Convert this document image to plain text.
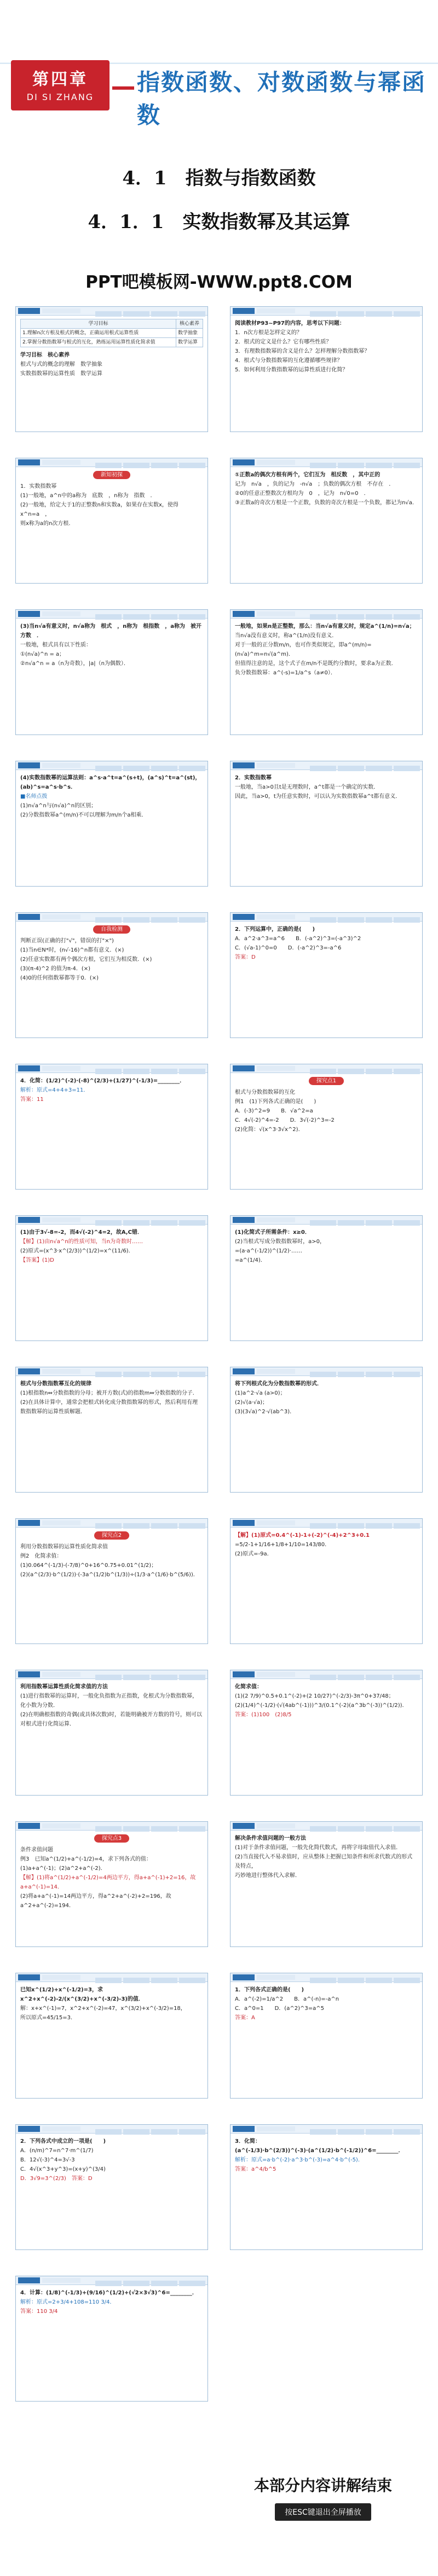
第四章
DI SI ZHANG
指数函数、对数函数与幂函数
4．1　指数与指数函数
4．1．1　实数指数幂及其运算
PPT吧模板网-WWW.ppt8.COM
学习目标	核心素养
1.理解n次方根及根式的概念，正确运用根式运算性质	数学抽象
2.掌握分数指数幂与根式的互化，熟练运用运算性质化简求值	数学运算
学习目标　核心素养
根式与式的概念的理解　数学抽象
实数指数幂的运算性质　数学运算
阅读教材P93~P97的内容，思考以下问题：
1．n次方根是怎样定义的？
2．根式的定义是什么？它有哪些性质？
3．有理数指数幂的含义是什么？怎样理解分数指数幂？
4．根式与分数指数幂的互化遵循哪些规律？
5．如何利用分数指数幂的运算性质进行化简？
新知初探
1．实数指数幂
(1)一般地，a^n中的a称为　底数　，n称为　指数　．
(2)一般地，给定大于1的正整数n和实数a，如果存在实数x，使得　x^n=a　，
则x称为a的n次方根．
①正数a的偶次方根有两个，它们互为　相反数　，其中正的
记为　n√a　，负的记为　-n√a　；负数的偶次方根　不存在　．
②0的任意正整数次方根均为　0　，记为　n√0=0　．
③正数a的奇次方根是一个正数，负数的奇次方根是一个负数，都记为n√a．
(3)当n√a有意义时，n√a称为　根式　，n称为　根指数　，a称为　被开方数　．
一般地，根式具有以下性质：
①(n√a)^n = a；
②n√a^n = a（n为奇数），|a|（n为偶数）．
一般地，如果n是正整数，那么：当n√a有意义时，规定a^(1/n)=n√a；
当n√a没有意义时，称a^(1/n)没有意义．
对于一般的正分数m/n，也可作类似规定，即a^(m/n)=(n√a)^m=n√(a^m)．
但值得注意的是，这个式子在m/n不是既约分数时，要求a为正数．
负分数指数幂：a^(-s)=1/a^s（a≠0）．
(4)实数指数幂的运算法则：a^s·a^t=a^(s+t)，(a^s)^t=a^(st)，(ab)^s=a^s·b^s．
■名师点拨
(1)n√a^n与(n√a)^n的区别；
(2)分数指数幂a^(m/n)不可以理解为m/n个a相乘．
2．实数指数幂
一般地，当a>0且t是无理数时，a^t都是一个确定的实数．
因此，当a>0，t为任意实数时，可以认为实数指数幂a^t都有意义．
自我检测
判断正误(正确的打"√"，错误的打"×")
(1)当n∈N*时，(n√-16)^n都有意义．(×)
(2)任意实数都有两个偶次方根，它们互为相反数．(×)
(3)(π-4)^2 的值为π-4．(×)
(4)0的任何指数幂都等于0．(×)
2．下列运算中，正确的是(　　)
A．a^2·a^3=a^6　　B．(-a^2)^3=(-a^3)^2
C．(√a-1)^0=0　　D．(-a^2)^3=-a^6
答案：D
4．化简：(1/2)^(-2)·(-8)^(2/3)+(1/27)^(-1/3)=________．
解析：原式=4+4+3=11．
答案：11
探究点1
根式与分数指数幂的互化
例1　(1)下列各式正确的是(　　)
A．(-3)^2=9　　B．√a^2=a
C．4√(-2)^4=-2　　D．3√(-2)^3=-2
(2)化简：√(x^3·3√x^2)．
(1)由于3√-8=-2，而4√(-2)^4=2，故A,C错．
【解】(1)由n√a^n的性质可知，当n为奇数时……
(2)原式=(x^3·x^(2/3))^(1/2)=x^(11/6)．
【答案】(1)D
(1)化简式子所需条件：x≥0．
(2)当根式写成分数指数幂时，a>0，
=(a·a^(-1/2))^(1/2)·……
=a^(1/4)．
根式与分数指数幂互化的规律
(1)根指数n⇔分数指数的分母；被开方数(式)的指数m⇔分数指数的分子．
(2)在具体计算中，通常会把根式转化成分数指数幂的形式，然后利用有理数指数幂的运算性质解题．
将下列根式化为分数指数幂的形式．
(1)a^2·√a (a>0)；
(2)√(a·√a)；
(3)(3√a)^2·√(ab^3)．
探究点2
利用分数指数幂的运算性质化简求值
例2　化简求值：
(1)0.064^(-1/3)-(-7/8)^0+16^0.75+0.01^(1/2)；
(2)(a^(2/3)·b^(1/2))·(-3a^(1/2)b^(1/3))÷(1/3·a^(1/6)·b^(5/6))．
【解】(1)原式=0.4^(-1)-1+(-2)^(-4)+2^3+0.1
=5/2-1+1/16+1/8+1/10=143/80．
(2)原式=-9a．
利用指数幂运算性质化简求值的方法
(1)进行指数幂的运算时，一般化负指数为正指数，化根式为分数指数幂，化小数为分数．
(2)在明确根指数的奇偶(或具体次数)时，若能明确被开方数的符号，则可以对根式进行化简运算．
化简求值：
(1)(2 7/9)^0.5+0.1^(-2)+(2 10/27)^(-2/3)-3π^0+37/48；
(2)(1/4)^(-1/2)·(√(4ab^(-1)))^3/(0.1^(-2)(a^3b^(-3))^(1/2))．
答案：(1)100　(2)8/5
探究点3
条件求值问题
例3　已知a^(1/2)+a^(-1/2)=4，求下列各式的值：
(1)a+a^(-1)；(2)a^2+a^(-2)．
【解】(1)将a^(1/2)+a^(-1/2)=4两边平方，得a+a^(-1)+2=16，故a+a^(-1)=14．
(2)将a+a^(-1)=14两边平方，得a^2+a^(-2)+2=196，故a^2+a^(-2)=194．
解决条件求值问题的一般方法
(1)对于条件求值问题，一般先化简代数式，再将字母取值代入求值．
(2)当直接代入不易求值时，应从整体上把握已知条件和所求代数式的形式及特点，
巧妙地进行整体代入求解．
已知x^(1/2)+x^(-1/2)=3，求x^2+x^(-2)-2/(x^(3/2)+x^(-3/2)-3)的值．
解：x+x^(-1)=7，x^2+x^(-2)=47，x^(3/2)+x^(-3/2)=18，
所以原式=45/15=3．
1．下列各式正确的是(　　)
A．a^(-2)=1/a^2　　B．a^(-n)=-a^n
C．a^0=1　　D．(a^2)^3=a^5
答案：A
2．下列各式中成立的一项是(　　)
A．(n/m)^7=n^7·m^(1/7)
B．12√(-3)^4=3√-3
C．4√(x^3+y^3)=(x+y)^(3/4)
D．3√9=3^(2/3)　答案：D
3．化简：(a^(-1/3)·b^(2/3))^(-3)·(a^(1/2)·b^(-1/2))^6=________．
解析：原式=a·b^(-2)·a^3·b^(-3)=a^4·b^(-5)．
答案：a^4/b^5
4．计算：(1/8)^(-1/3)+(9/16)^(1/2)+(√2×3√3)^6=________．
解析：原式=2+3/4+108=110 3/4．
答案：110 3/4
本部分内容讲解结束
按ESC键退出全屏播放
